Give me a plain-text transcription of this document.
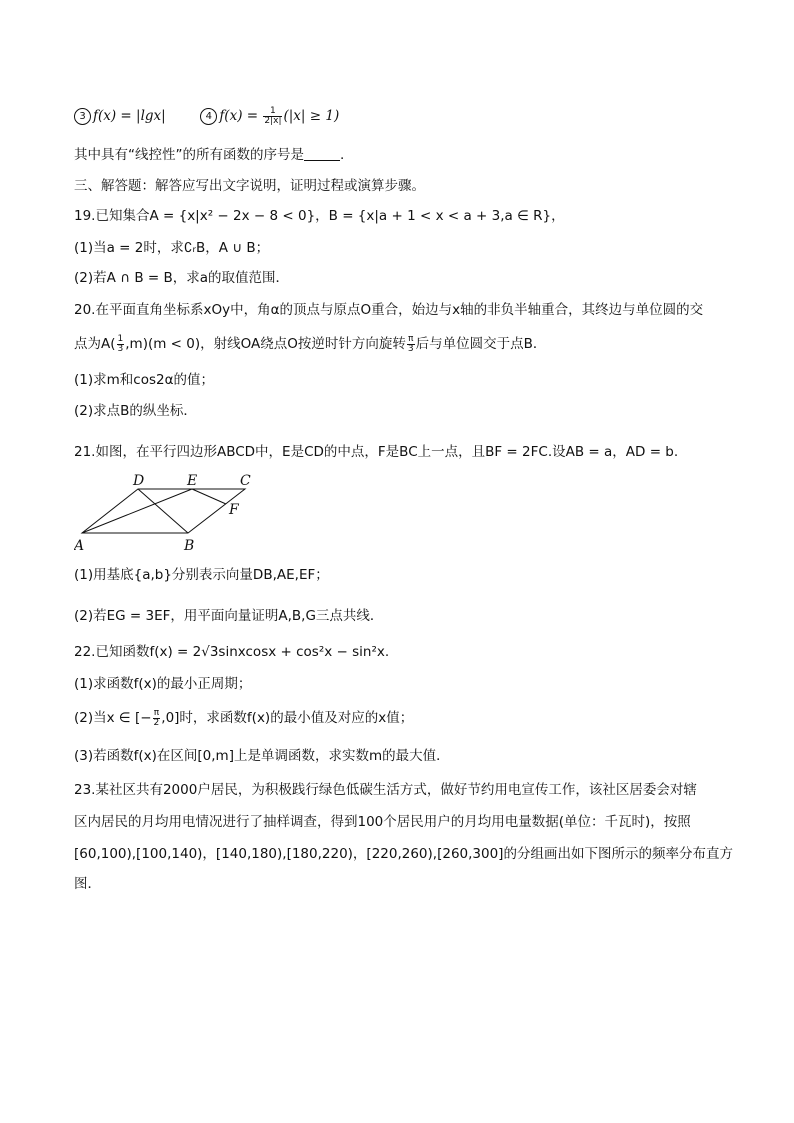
3 f(x) = |lgx|	4 $f(x) = \frac{1}{2|x|} (|x| \ge 1)$
其中具有“线控性”的所有函数的序号是	.
三、解答题：解答应写出文字说明，证明过程或演算步骤。
19.已知集合A = {x|x² − 2x − 8 < 0}，B = {x|a + 1 < x < a + 3,a ∈ R}，
(1)当a = 2时，求∁ᵣB，A ∪ B；
(2)若A ∩ B = B，求a的取值范围．
20.在平面直角坐标系xOy中，角α的顶点与原点O重合，始边与x轴的非负半轴重合，其终边与单位圆的交
点为$A( \frac{1}{3} ,m)(m < 0)$，射线OA绕点O按逆时针方向旋转 $\frac{\pi}{3}$ 后与单位圆交于点B．
(1)求m和cos2α的值；
(2)求点B的纵坐标．
21.如图，在平行四边形ABCD中，E是CD的中点，F是BC上一点，且BF = 2FC.设AB = a，AD = b.
D	E	C
F
A	B
(1)用基底{a,b}分别表示向量DB,AE,EF；
(2)若EG = 3EF，用平面向量证明A,B,G三点共线．
22.已知函数f(x) = 2√3sinxcosx + cos²x − sin²x.
(1)求函数f(x)的最小正周期；
(2)当x ∈ [− $\frac{\pi}{2} ,0$]时，求函数f(x)的最小值及对应的x值；
(3)若函数f(x)在区间[0,m]上是单调函数，求实数m的最大值．
23.某社区共有2000户居民，为积极践行绿色低碳生活方式，做好节约用电宣传工作，该社区居委会对辖
区内居民的月均用电情况进行了抽样调查，得到100个居民用户的月均用电量数据(单位：千瓦时)，按照
[60,100),[100,140)，[140,180),[180,220)，[220,260),[260,300]的分组画出如下图所示的频率分布直方
图．
